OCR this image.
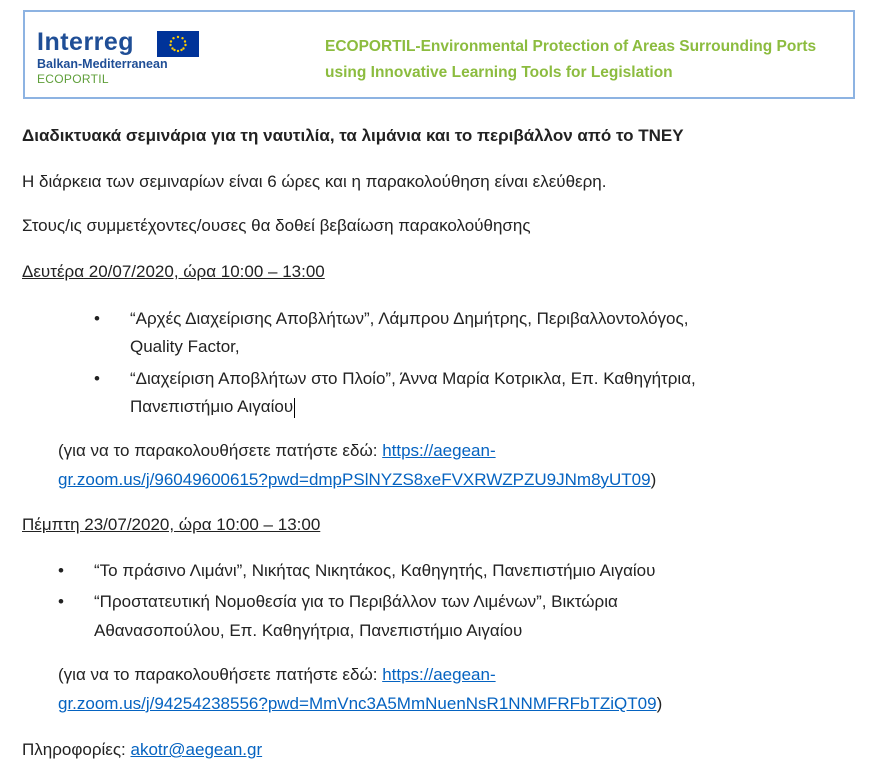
Interreg
Balkan-Mediterranean
ECOPORTIL
ECOPORTIL-Environmental Protection of Areas Surrounding Ports
using Innovative Learning Tools for Legislation
Διαδικτυακά σεμινάρια για τη ναυτιλία, τα λιμάνια και το περιβάλλον από το ΤΝΕΥ
Η διάρκεια των σεμιναρίων είναι 6 ώρες και η παρακολούθηση είναι ελεύθερη.
Στους/ις συμμετέχοντες/ουσες θα δοθεί βεβαίωση παρακολούθησης
Δευτέρα 20/07/2020, ώρα 10:00 – 13:00
• “Αρχές Διαχείρισης Αποβλήτων”, Λάμπρου Δημήτρης, Περιβαλλοντολόγος,
Quality Factor,
• “Διαχείριση Αποβλήτων στο Πλοίο”, Άννα Μαρία Κοτρικλα, Επ. Καθηγήτρια,
Πανεπιστήμιο Αιγαίου
(για να το παρακολουθήσετε πατήστε εδώ: https://aegean-
gr.zoom.us/j/96049600615?pwd=dmpPSlNYZS8xeFVXRWZPZU9JNm8yUT09)
Πέμπτη 23/07/2020, ώρα 10:00 – 13:00
• “Το πράσινο Λιμάνι”, Νικήτας Νικητάκος, Καθηγητής, Πανεπιστήμιο Αιγαίου
• “Προστατευτική Νομοθεσία για το Περιβάλλον των Λιμένων”, Βικτώρια
Αθανασοπούλου, Επ. Καθηγήτρια, Πανεπιστήμιο Αιγαίου
(για να το παρακολουθήσετε πατήστε εδώ: https://aegean-
gr.zoom.us/j/94254238556?pwd=MmVnc3A5MmNuenNsR1NNMFRFbTZiQT09)
Πληροφορίες: akotr@aegean.gr
